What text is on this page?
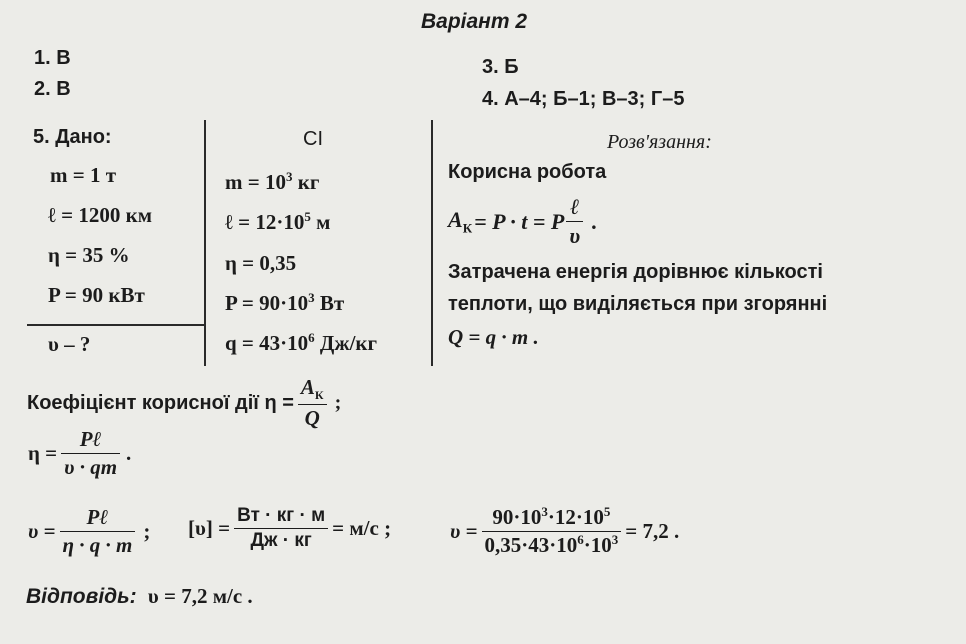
Варіант 2
1. В
2. В
3. Б
4. А–4; Б–1; В–3; Г–5
5. Дано:
m = 1 т
ℓ = 1200 км
η = 35 %
P = 90 кВт
υ – ?
СІ
$m = 10^3$ кг
ℓ = $12\cdot 10^5$ м
η = 0,35
$P = 90\cdot 10^3$ Вт
$q = 43\cdot 10^6$ Дж/кг
Розв'язання:
Корисна робота
$A_К = P \cdot t = P \frac{\text{ℓ}}{\upsilon}$ .
Затрачена енергія дорівнює кількості
теплоти, що виділяється при згорянні
Q = q · m .
Коефіцієнт корисної дії $\eta = \frac{A_К}{Q}$ ;
$\eta = \frac{\text{Pℓ}}{\upsilon \cdot qm}$ .
$\upsilon = \frac{\text{Pℓ}}{\eta \cdot q \cdot m}$ ; $[\upsilon] = \frac{Вт \cdot кг \cdot м}{Дж \cdot кг} = м/с$ ;	$\upsilon = \frac{90\cdot 10^3\cdot 12\cdot 10^5}{0,35\cdot 43\cdot 10^6\cdot 10^3} = 7,2$ .
Відповідь: υ = 7,2 м/с .
